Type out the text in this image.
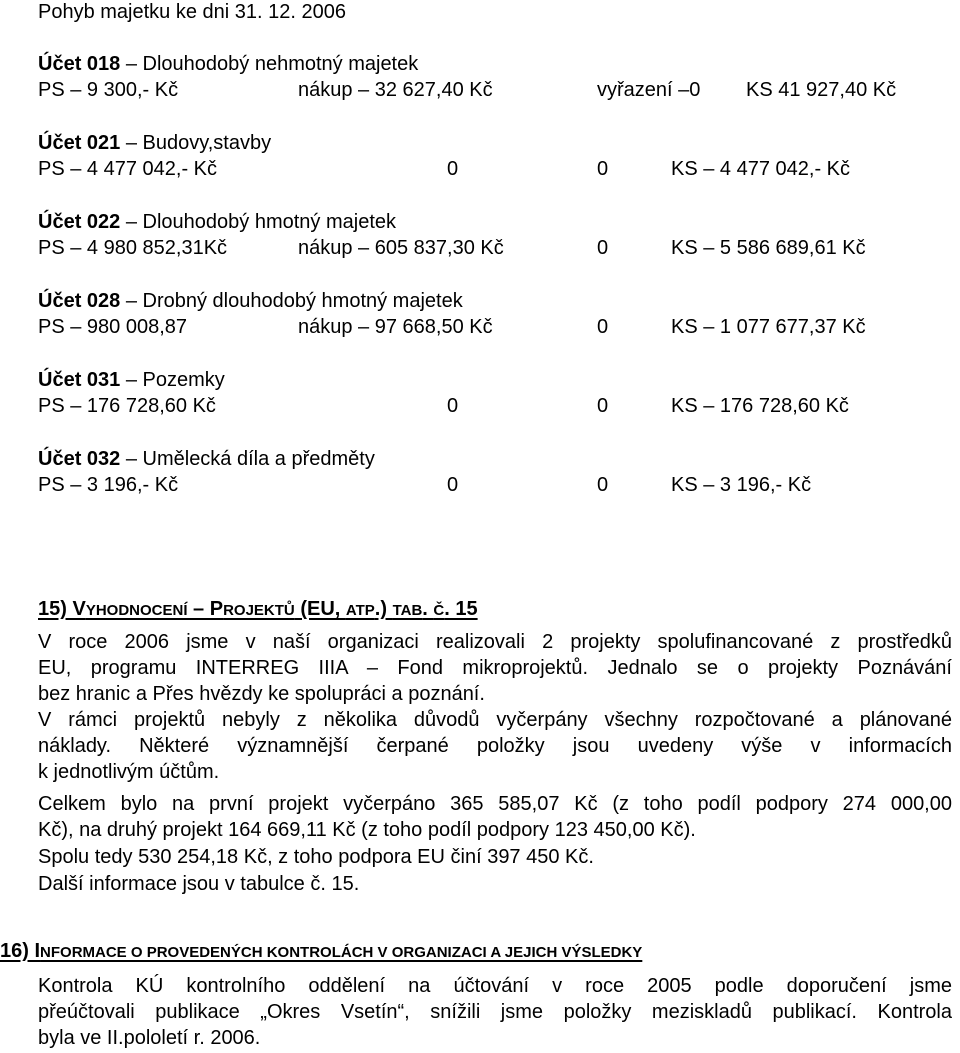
Pohyb majetku ke dni 31. 12. 2006
Účet 018 – Dlouhodobý nehmotný majetek
PS – 9 300,- Kč	nákup – 32 627,40 Kč	vyřazení –0 KS 41 927,40 Kč
Účet 021 – Budovy,stavby
PS – 4 477 042,- Kč	0	0	KS – 4 477 042,- Kč
Účet 022 – Dlouhodobý hmotný majetek
PS – 4 980 852,31Kč	nákup – 605 837,30 Kč	0	KS – 5 586 689,61 Kč
Účet 028 – Drobný dlouhodobý hmotný majetek
PS – 980 008,87	nákup – 97 668,50 Kč	0	KS – 1 077 677,37 Kč
Účet 031 – Pozemky
PS – 176 728,60 Kč	0	0	KS – 176 728,60 Kč
Účet 032 – Umělecká díla a předměty
PS – 3 196,- Kč	0	0	KS – 3 196,- Kč
15) VYHODNOCENÍ – PROJEKTŮ (EU, ATP.) TAB. Č. 15
V roce 2006 jsme v naší organizaci realizovali 2 projekty spolufinancované z prostředků
EU, programu INTERREG IIIA – Fond mikroprojektů. Jednalo se o projekty Poznávání
bez hranic a Přes hvězdy ke spolupráci a poznání.
V rámci projektů nebyly z několika důvodů vyčerpány všechny rozpočtované a plánované
náklady. Některé významnější čerpané položky jsou uvedeny výše v informacích
k jednotlivým účtům.
Celkem bylo na první projekt vyčerpáno 365 585,07 Kč (z toho podíl podpory 274 000,00
Kč), na druhý projekt 164 669,11 Kč (z toho podíl podpory 123 450,00 Kč).
Spolu tedy 530 254,18 Kč, z toho podpora EU činí 397 450 Kč.
Další informace jsou v tabulce č. 15.
16) INFORMACE O PROVEDENÝCH KONTROLÁCH V ORGANIZACI A JEJICH VÝSLEDKY
Kontrola KÚ kontrolního oddělení na účtování v roce 2005 podle doporučení jsme
přeúčtovali publikace „Okres Vsetín“, snížili jsme položky meziskladů publikací. Kontrola
byla ve II.pololetí r. 2006.
